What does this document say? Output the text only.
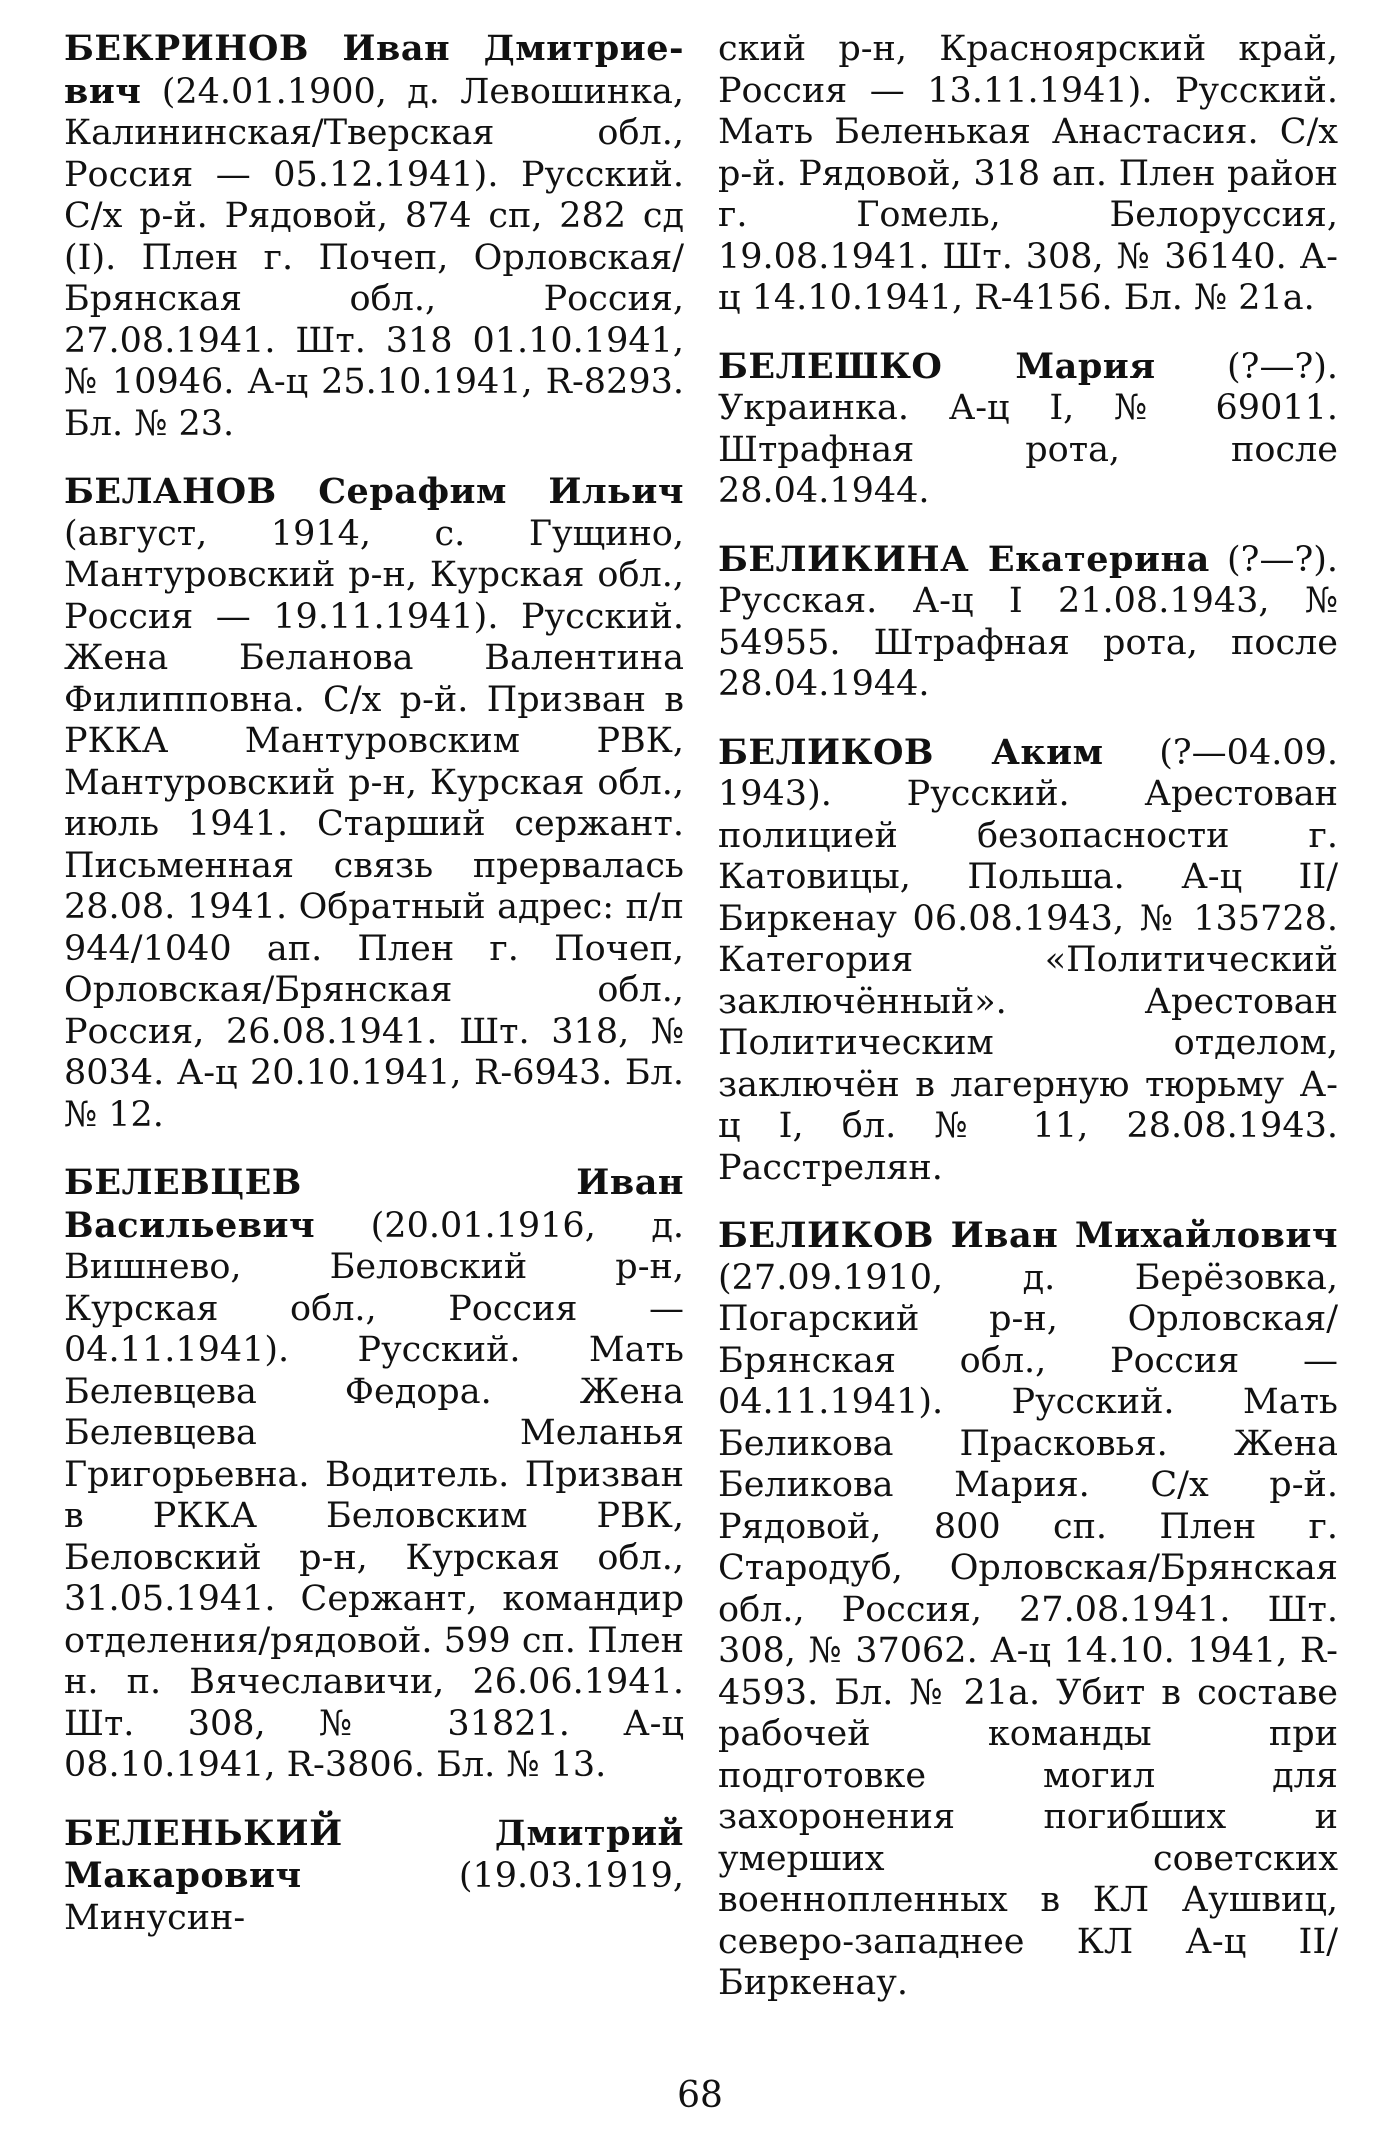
БЕКРИНОВ Иван Дмитрие-вич (24.01.1900, д. Левошинка, Калининская/Тверская обл., Россия — 05.12.1941). Русский. С/х р-й. Рядовой, 874 сп, 282 сд (I). Плен г. Почеп, Орловская/Брянская обл., Россия, 27.08.1941. Шт. 318 01.10.1941, № 10946. А-ц 25.10.1941, R-8293. Бл. № 23.

БЕЛАНОВ Серафим Ильич (август, 1914, с. Гущино, Мантуровский р-н, Курская обл., Россия — 19.11.1941). Русский. Жена Беланова Валентина Филипповна. С/х р-й. Призван в РККА Мантуровским РВК, Мантуровский р-н, Курская обл., июль 1941. Старший сержант. Письменная связь прервалась 28.08. 1941. Обратный адрес: п/п 944/1040 ап. Плен г. Почеп, Орловская/Брянская обл., Россия, 26.08.1941. Шт. 318, № 8034. А-ц 20.10.1941, R-6943. Бл. № 12.

БЕЛЕВЦЕВ Иван Васильевич (20.01.1916, д. Вишнево, Беловский р-н, Курская обл., Россия — 04.11.1941). Русский. Мать Белевцева Федора. Жена Белевцева Меланья Григорьевна. Водитель. Призван в РККА Беловским РВК, Беловский р-н, Курская обл., 31.05.1941. Сержант, командир отделения/рядовой. 599 сп. Плен н. п. Вячеславичи, 26.06.1941. Шт. 308, № 31821. А-ц 08.10.1941, R-3806. Бл. № 13.

БЕЛЕНЬКИЙ Дмитрий Макарович (19.03.1919, Минусин-

ский р-н, Красноярский край, Россия — 13.11.1941). Русский. Мать Беленькая Анастасия. С/х р-й. Рядовой, 318 ап. Плен район г. Гомель, Белоруссия, 19.08.1941. Шт. 308, № 36140. А-ц 14.10.1941, R-4156. Бл. № 21а.

БЕЛЕШКО Мария (?—?). Украинка. А-ц I, № 69011. Штрафная рота, после 28.04.1944.

БЕЛИКИНА Екатерина (?—?). Русская. А-ц I 21.08.1943, № 54955. Штрафная рота, после 28.04.1944.

БЕЛИКОВ Аким (?—04.09. 1943). Русский. Арестован полицией безопасности г. Катовицы, Польша. А-ц II/Биркенау 06.08.1943, № 135728. Категория «Политический заключённый». Арестован Политическим отделом, заключён в лагерную тюрьму А-ц I, бл. № 11, 28.08.1943. Расстрелян.

БЕЛИКОВ Иван Михайлович (27.09.1910, д. Берёзовка, Погарский р-н, Орловская/Брянская обл., Россия — 04.11.1941). Русский. Мать Беликова Прасковья. Жена Беликова Мария. С/х р-й. Рядовой, 800 сп. Плен г. Стародуб, Орловская/Брянская обл., Россия, 27.08.1941. Шт. 308, № 37062. А-ц 14.10. 1941, R-4593. Бл. № 21а. Убит в составе рабочей команды при подготовке могил для захоронения погибших и умерших советских военнопленных в КЛ Аушвиц, северо-западнее КЛ А-ц II/Биркенау.

68
